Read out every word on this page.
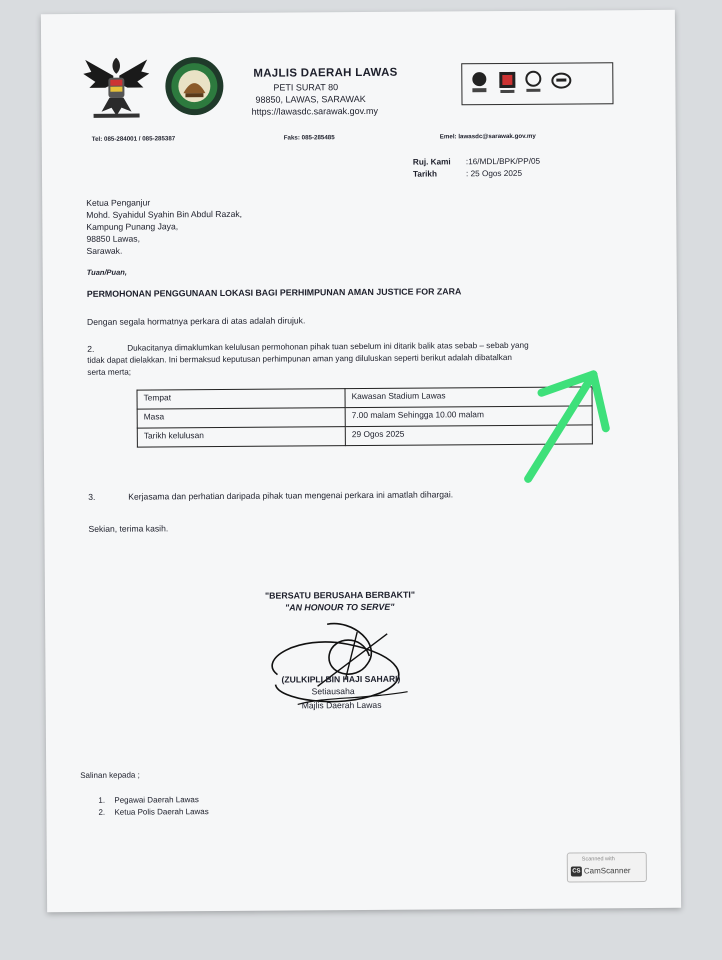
MAJLIS DAERAH LAWAS
PETI SURAT 80
98850, LAWAS, SARAWAK
https://lawasdc.sarawak.gov.my
Tel: 085-284001 / 085-285387	Faks: 085-285485	Emel: lawasdc@sarawak.gov.my
Ruj. Kami :16/MDL/BPK/PP/05
Tarikh	: 25 Ogos 2025
Ketua Penganjur
Mohd. Syahidul Syahin Bin Abdul Razak,
Kampung Punang Jaya,
98850 Lawas,
Sarawak.
Tuan/Puan,
PERMOHONAN PENGGUNAAN LOKASI BAGI PERHIMPUNAN AMAN JUSTICE FOR ZARA
Dengan segala hormatnya perkara di atas adalah dirujuk.
2.	Dukacitanya dimaklumkan kelulusan permohonan pihak tuan sebelum ini ditarik balik atas sebab – sebab yang
tidak dapat dielakkan. Ini bermaksud keputusan perhimpunan aman yang diluluskan seperti berikut adalah dibatalkan
serta merta;
Tempat	Kawasan Stadium Lawas
Masa	7.00 malam Sehingga 10.00 malam
Tarikh kelulusan	29 Ogos 2025
3.	Kerjasama dan perhatian daripada pihak tuan mengenai perkara ini amatlah dihargai.
Sekian, terima kasih.
"BERSATU BERUSAHA BERBAKTI"
"AN HONOUR TO SERVE"
(ZULKIPLI BIN HAJI SAHARI)
Setiausaha
Majlis Daerah Lawas
Salinan kepada ;
1. Pegawai Daerah Lawas
2. Ketua Polis Daerah Lawas
Scanned with
CS CamScanner
